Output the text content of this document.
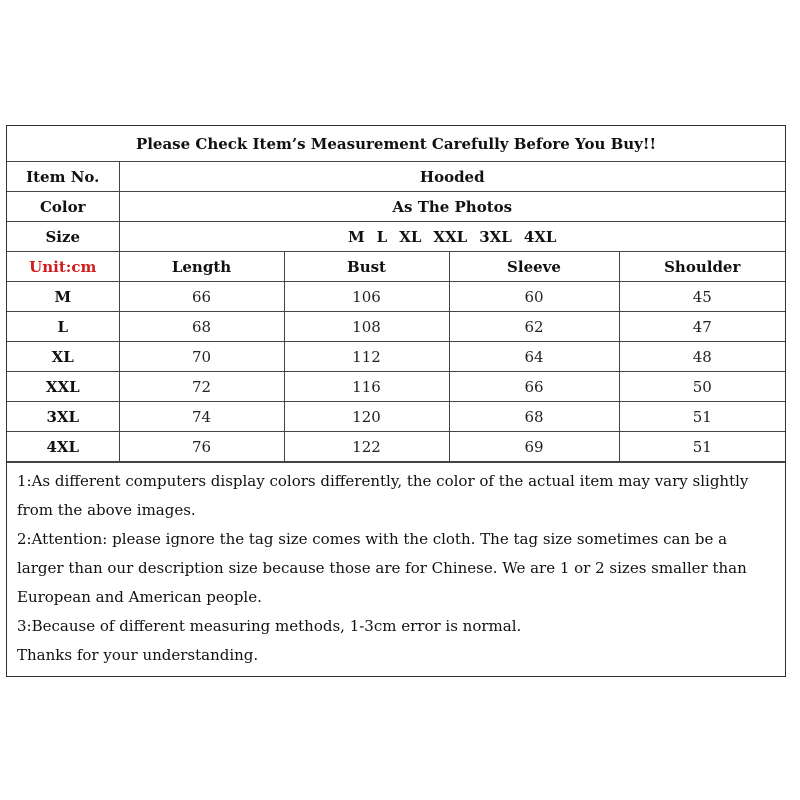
Please Check Item’s Measurement Carefully Before You Buy!!				
Item No.	Hooded			
Color	As The Photos			
Size	M L XL XXL 3XL 4XL			
Unit:cm	Length	Bust	Sleeve	Shoulder
M	66	106	60	45
L	68	108	62	47
XL	70	112	64	48
XXL	72	116	66	50
3XL	74	120	68	51
4XL	76	122	69	51

1:As different computers display colors differently, the color of the actual item may vary slightly from the above images.

2:Attention: please ignore the tag size comes with the cloth. The tag size sometimes can be a larger than our description size because those are for Chinese. We are 1 or 2 sizes smaller than European and American people.

3:Because of different measuring methods, 1-3cm error is normal.

Thanks for your understanding.
